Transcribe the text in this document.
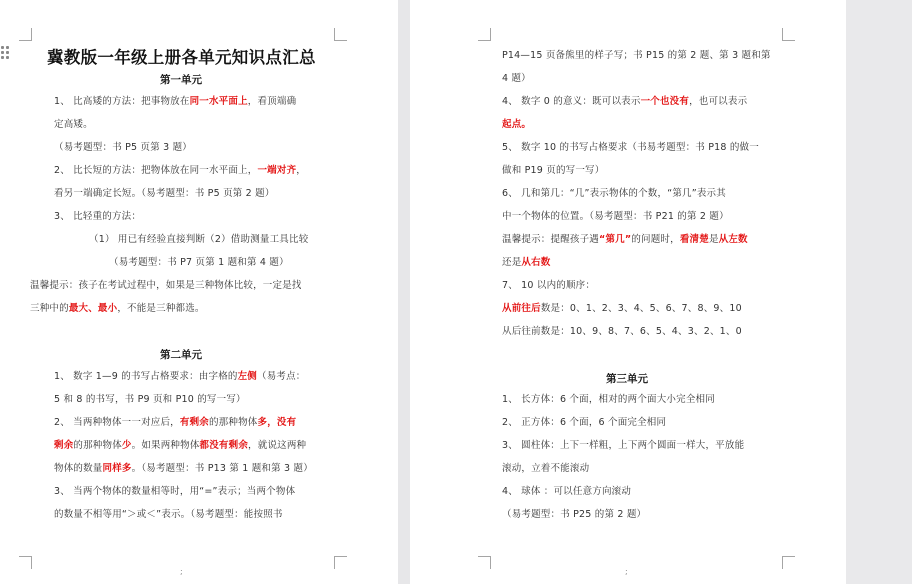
冀教版一年级上册各单元知识点汇总
第一单元
1、 比高矮的方法：把事物放在同一水平面上，看顶端确
定高矮。
（易考题型：书 P5 页第 3 题）
2、 比长短的方法：把物体放在同一水平面上，一端对齐，
看另一端确定长短。（易考题型：书 P5 页第 2 题）
3、 比轻重的方法：
（1） 用已有经验直接判断（2）借助测量工具比较
（易考题型：书 P7 页第 1 题和第 4 题）
温馨提示：孩子在考试过程中，如果是三种物体比较，一定是找
三种中的最大、最小，不能是三种都选。
第二单元
1、 数字 1—9 的书写占格要求：由字格的左侧（易考点：
5 和 8 的书写，书 P9 页和 P10 的写一写）
2、 当两种物体一一对应后，有剩余的那种物体多，没有
剩余的那种物体少。如果两种物体都没有剩余，就说这两种
物体的数量同样多。（易考题型：书 P13 第 1 题和第 3 题）
3、 当两个物体的数量相等时，用“=”表示；当两个物体
的数量不相等用“＞或＜”表示。（易考题型：能按照书
;
P14—15 页备熊里的样子写；书 P15 的第 2 题、第 3 题和第
4 题）
4、 数字 0 的意义：既可以表示一个也没有，也可以表示
起点。
5、 数字 10 的书写占格要求（书易考题型：书 P18 的做一
做和 P19 页的写一写）
6、 几和第几：“几”表示物体的个数，“第几”表示其
中一个物体的位置。（易考题型：书 P21 的第 2 题）
温馨提示：提醒孩子遇“第几”的问题时，看清楚是从左数
还是从右数
7、 10 以内的顺序：
从前往后数是：0、1、2、3、4、5、6、7、8、9、10
从后往前数是：10、9、8、7、6、5、4、3、2、1、0
第三单元
1、 长方体：6 个面，相对的两个面大小完全相同
2、 正方体：6 个面，6 个面完全相同
3、 圆柱体：上下一样粗，上下两个圆面一样大，平放能
滚动，立着不能滚动
4、 球体 ：可以任意方向滚动
（易考题型：书 P25 的第 2 题）
;
